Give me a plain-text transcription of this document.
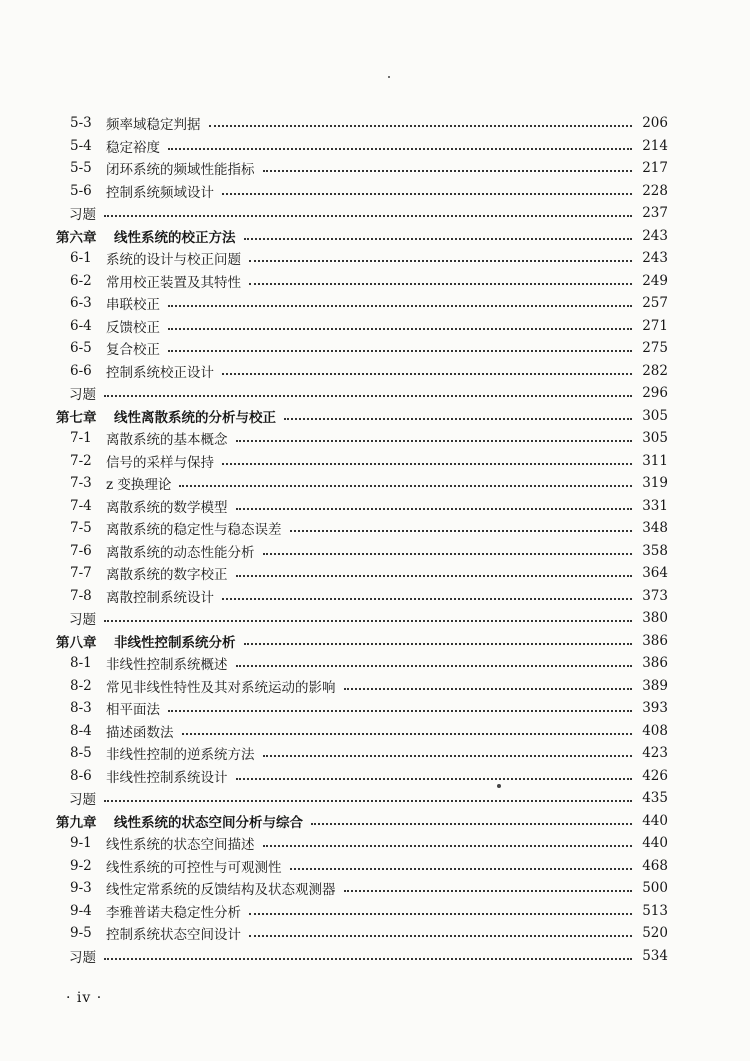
5-3	频率域稳定判据	206
5-4	稳定裕度	214
5-5	闭环系统的频域性能指标	217
5-6	控制系统频域设计	228
习题	237
第六章	线性系统的校正方法	243
6-1	系统的设计与校正问题	243
6-2	常用校正装置及其特性	249
6-3	串联校正	257
6-4	反馈校正	271
6-5	复合校正	275
6-6	控制系统校正设计	282
习题	296
第七章	线性离散系统的分析与校正	305
7-1	离散系统的基本概念	305
7-2	信号的采样与保持	311
7-3	z 变换理论	319
7-4	离散系统的数学模型	331
7-5	离散系统的稳定性与稳态误差	348
7-6	离散系统的动态性能分析	358
7-7	离散系统的数字校正	364
7-8	离散控制系统设计	373
习题	380
第八章	非线性控制系统分析	386
8-1	非线性控制系统概述	386
8-2	常见非线性特性及其对系统运动的影响	389
8-3	相平面法	393
8-4	描述函数法	408
8-5	非线性控制的逆系统方法	423
8-6	非线性控制系统设计	426
习题	435
第九章	线性系统的状态空间分析与综合	440
9-1	线性系统的状态空间描述	440
9-2	线性系统的可控性与可观测性	468
9-3	线性定常系统的反馈结构及状态观测器	500
9-4	李雅普诺夫稳定性分析	513
9-5	控制系统状态空间设计	520
习题	534
· iv ·
